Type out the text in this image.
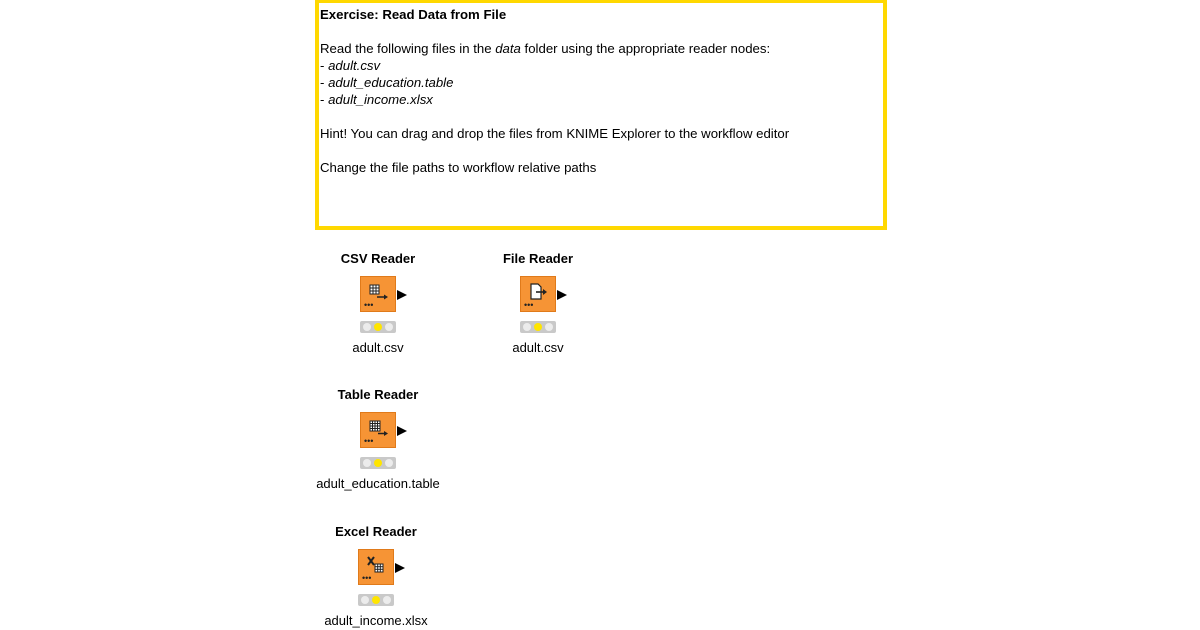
Exercise: Read Data from File
Read the following files in the data folder using the appropriate reader nodes:
- adult.csv
- adult_education.table
- adult_income.xlsx
Hint! You can drag and drop the files from KNIME Explorer to the workflow editor
Change the file paths to workflow relative paths
CSV Reader
•••
adult.csv
File Reader
•••
adult.csv
Table Reader
•••
adult_education.table
Excel Reader
•••
adult_income.xlsx
